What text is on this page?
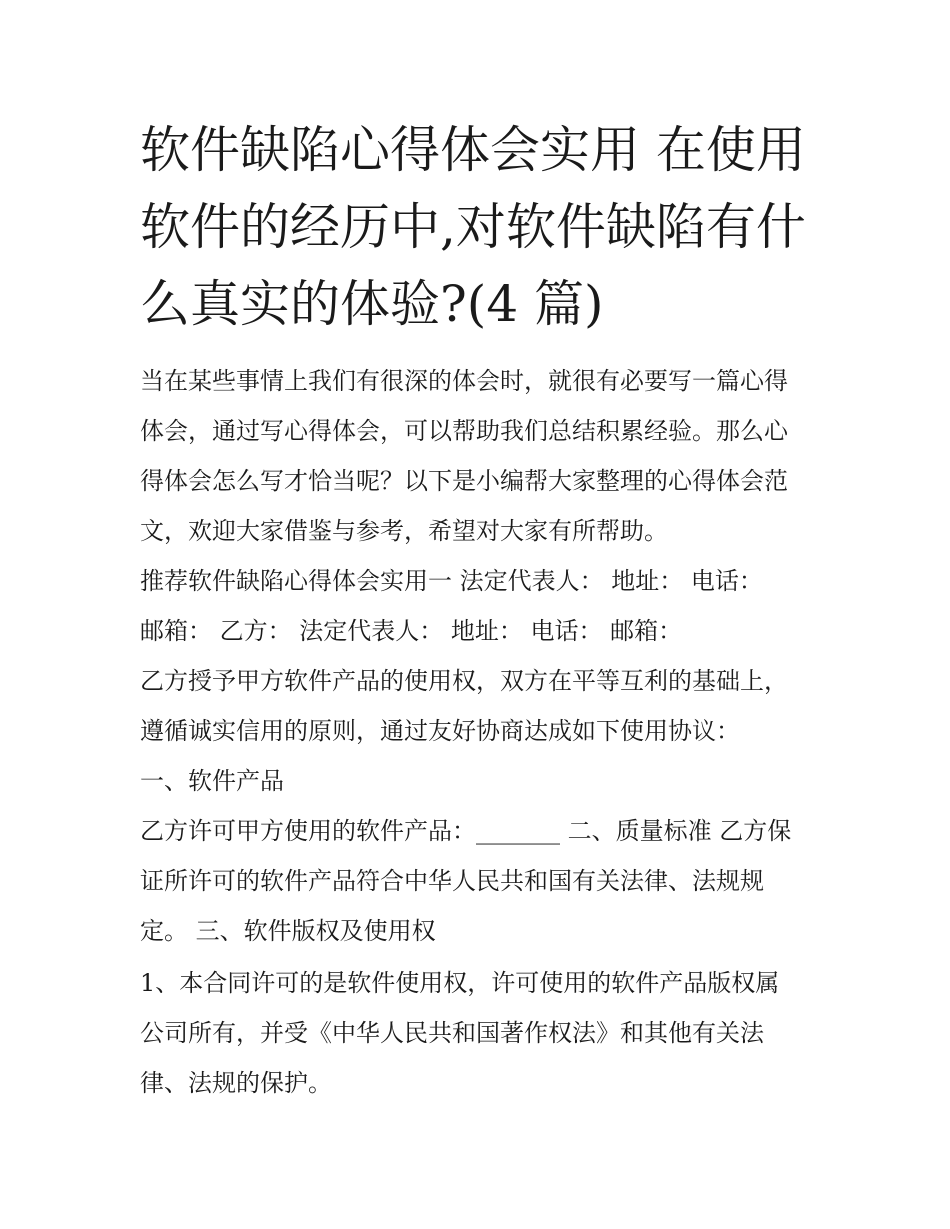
软件缺陷心得体会实用 在使用
软件的经历中,对软件缺陷有什
么真实的体验?(4 篇)

当在某些事情上我们有很深的体会时，就很有必要写一篇心得
体会，通过写心得体会，可以帮助我们总结积累经验。那么心
得体会怎么写才恰当呢？以下是小编帮大家整理的心得体会范
文，欢迎大家借鉴与参考，希望对大家有所帮助。

推荐软件缺陷心得体会实用一 法定代表人： 地址： 电话：
邮箱： 乙方： 法定代表人： 地址： 电话： 邮箱：

乙方授予甲方软件产品的使用权，双方在平等互利的基础上，
遵循诚实信用的原则，通过友好协商达成如下使用协议：

一、软件产品

乙方许可甲方使用的软件产品：_______ 二、质量标准 乙方保
证所许可的软件产品符合中华人民共和国有关法律、法规规
定。 三、软件版权及使用权

1、本合同许可的是软件使用权，许可使用的软件产品版权属
公司所有，并受《中华人民共和国著作权法》和其他有关法
律、法规的保护。
